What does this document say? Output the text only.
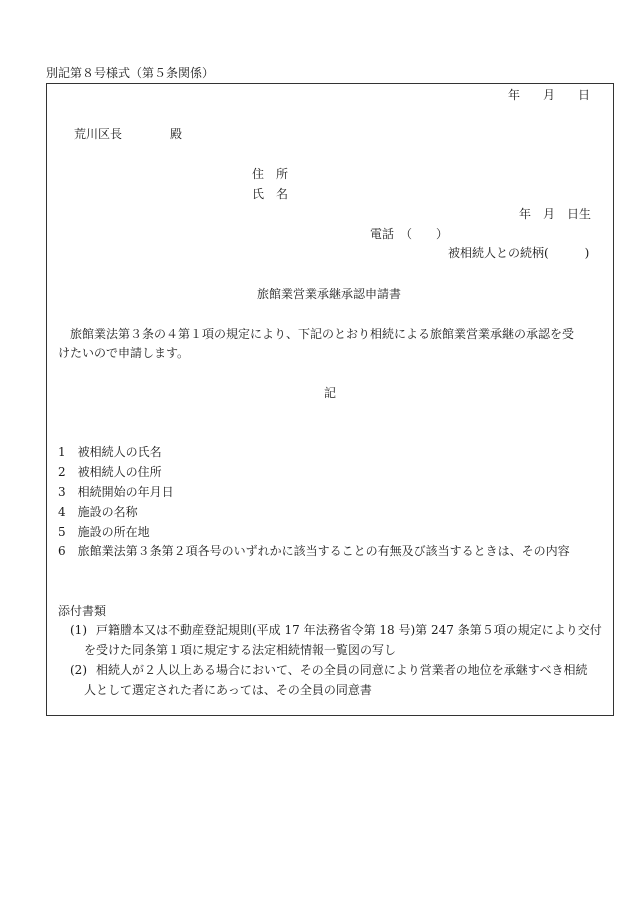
別記第８号様式（第５条関係）
年 月 日
荒川区長	殿
住　所
氏　名
年 月 日生
電話　（　　）
被相続人との続柄(　　　)
旅館業営業承継承認申請書
旅館業法第３条の４第１項の規定により、下記のとおり相続による旅館業営業承継の承認を受
けたいので申請します。
記
1 被相続人の氏名
2 被相続人の住所
3 相続開始の年月日
4 施設の名称
5 施設の所在地
6 旅館業法第３条第２項各号のいずれかに該当することの有無及び該当するときは、その内容
添付書類
(1) 戸籍謄本又は不動産登記規則(平成 17 年法務省令第 18 号)第 247 条第５項の規定により交付
を受けた同条第１項に規定する法定相続情報一覧図の写し
(2) 相続人が２人以上ある場合において、その全員の同意により営業者の地位を承継すべき相続
人として選定された者にあっては、その全員の同意書
